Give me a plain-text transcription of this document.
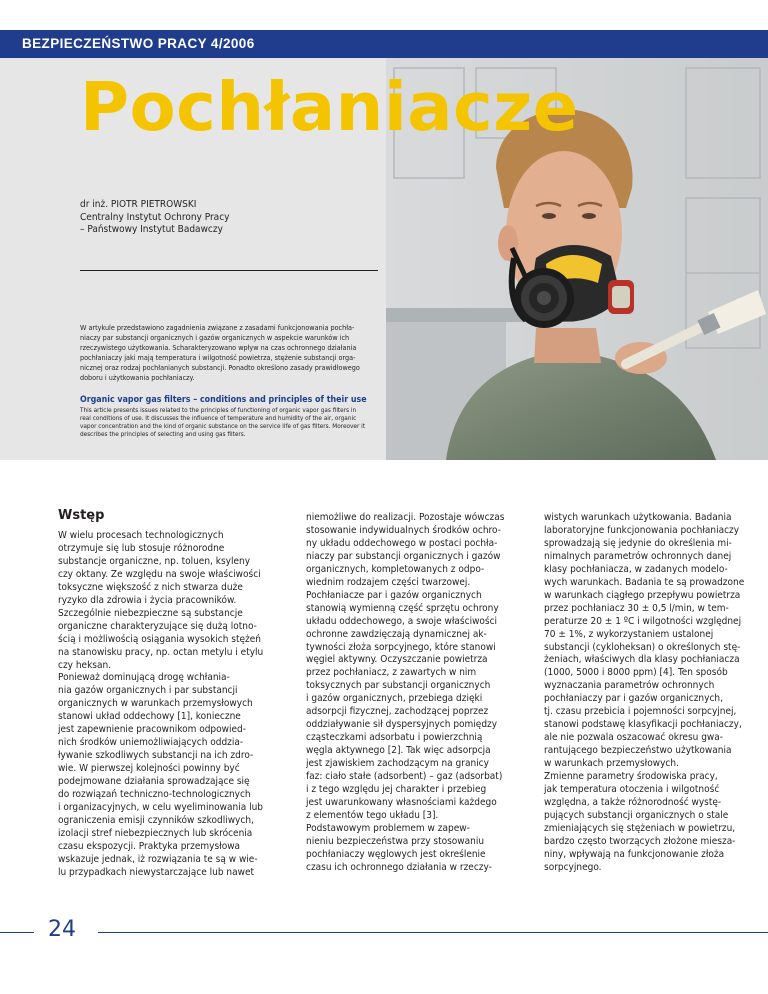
BEZPIECZEŃSTWO PRACY 4/2006
Pochłaniacze
dr inż. PIOTR PIETROWSKI
Centralny Instytut Ochrony Pracy
– Państwowy Instytut Badawczy
W artykule przedstawiono zagadnienia związane z zasadami funkcjonowania pochła-
niaczy par substancji organicznych i gazów organicznych w aspekcie warunków ich
rzeczywistego użytkowania. Scharakteryzowano wpływ na czas ochronnego działania
pochłaniaczy jaki mają temperatura i wilgotność powietrza, stężenie substancji orga-
nicznej oraz rodzaj pochłanianych substancji. Ponadto określono zasady prawidłowego
doboru i użytkowania pochłaniaczy.
Organic vapor gas filters – conditions and principles of their use
This article presents issues related to the principles of functioning of organic vapor gas filters in
real conditions of use. It discusses the influence of temperature and humidity of the air, organic
vapor concentration and the kind of organic substance on the service life of gas filters. Moreover it
describes the principles of selecting and using gas filters.
Wstęp
W wielu procesach technologicznych
otrzymuje się lub stosuje różnorodne
substancje organiczne, np. toluen, ksyleny
czy oktany. Ze względu na swoje właściwości
toksyczne większość z nich stwarza duże
ryzyko dla zdrowia i życia pracowników.
Szczególnie niebezpieczne są substancje
organiczne charakteryzujące się dużą lotno-
ścią i możliwością osiągania wysokich stężeń
na stanowisku pracy, np. octan metylu i etylu
czy heksan.
Ponieważ dominującą drogę wchłania-
nia gazów organicznych i par substancji
organicznych w warunkach przemysłowych
stanowi układ oddechowy [1], konieczne
jest zapewnienie pracownikom odpowied-
nich środków uniemożliwiających oddzia-
ływanie szkodliwych substancji na ich zdro-
wie. W pierwszej kolejności powinny być
podejmowane działania sprowadzające się
do rozwiązań techniczno-technologicznych
i organizacyjnych, w celu wyeliminowania lub
ograniczenia emisji czynników szkodliwych,
izolacji stref niebezpiecznych lub skrócenia
czasu ekspozycji. Praktyka przemysłowa
wskazuje jednak, iż rozwiązania te są w wie-
lu przypadkach niewystarczające lub nawet
niemożliwe do realizacji. Pozostaje wówczas
stosowanie indywidualnych środków ochro-
ny układu oddechowego w postaci pochła-
niaczy par substancji organicznych i gazów
organicznych, kompletowanych z odpo-
wiednim rodzajem części twarzowej.
Pochłaniacze par i gazów organicznych
stanowią wymienną część sprzętu ochrony
układu oddechowego, a swoje właściwości
ochronne zawdzięczają dynamicznej ak-
tywności złoża sorpcyjnego, które stanowi
węgiel aktywny. Oczyszczanie powietrza
przez pochłaniacz, z zawartych w nim
toksycznych par substancji organicznych
i gazów organicznych, przebiega dzięki
adsorpcji fizycznej, zachodzącej poprzez
oddziaływanie sił dyspersyjnych pomiędzy
cząsteczkami adsorbatu i powierzchnią
węgla aktywnego [2]. Tak więc adsorpcja
jest zjawiskiem zachodzącym na granicy
faz: ciało stałe (adsorbent) – gaz (adsorbat)
i z tego względu jej charakter i przebieg
jest uwarunkowany własnościami każdego
z elementów tego układu [3].
Podstawowym problemem w zapew-
nieniu bezpieczeństwa przy stosowaniu
pochłaniaczy węglowych jest określenie
czasu ich ochronnego działania w rzeczy-
wistych warunkach użytkowania. Badania
laboratoryjne funkcjonowania pochłaniaczy
sprowadzają się jedynie do określenia mi-
nimalnych parametrów ochronnych danej
klasy pochłaniacza, w zadanych modelo-
wych warunkach. Badania te są prowadzone
w warunkach ciągłego przepływu powietrza
przez pochłaniacz 30 ± 0,5 l/min, w tem-
peraturze 20 ± 1 ºC i wilgotności względnej
70 ± 1%, z wykorzystaniem ustalonej
substancji (cykloheksan) o określonych stę-
żeniach, właściwych dla klasy pochłaniacza
(1000, 5000 i 8000 ppm) [4]. Ten sposób
wyznaczania parametrów ochronnych
pochłaniaczy par i gazów organicznych,
tj. czasu przebicia i pojemności sorpcyjnej,
stanowi podstawę klasyfikacji pochłaniaczy,
ale nie pozwala oszacować okresu gwa-
rantującego bezpieczeństwo użytkowania
w warunkach przemysłowych.
Zmienne parametry środowiska pracy,
jak temperatura otoczenia i wilgotność
względna, a także różnorodność wystę-
pujących substancji organicznych o stale
zmieniających się stężeniach w powietrzu,
bardzo często tworzących złożone miesza-
niny, wpływają na funkcjonowanie złoża
sorpcyjnego.
24
